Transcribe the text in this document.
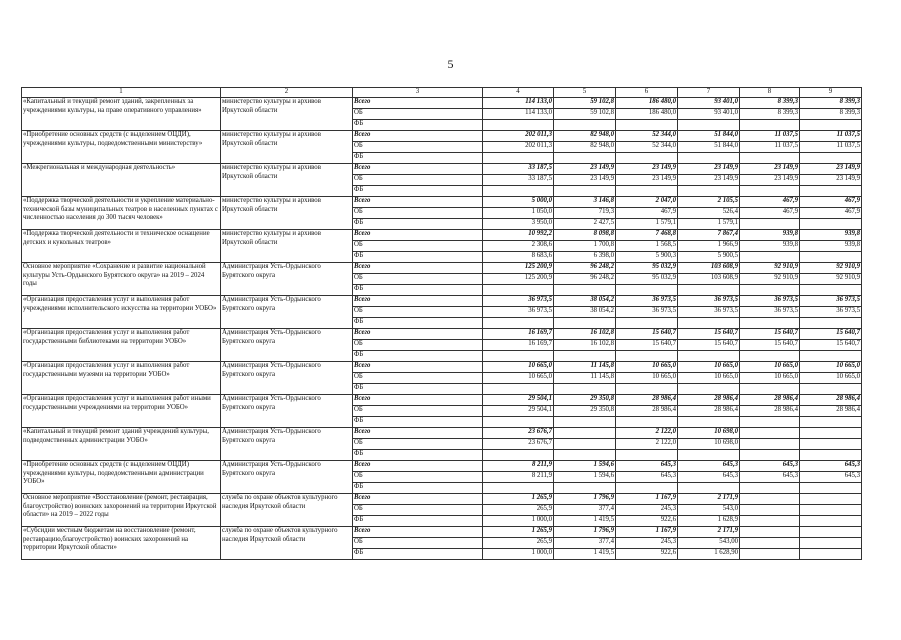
5
1	2	3	4	5	6	7	8	9
«Капитальный и текущий ремонт зданий, закрепленных за учреждениями культуры, на праве оперативного управления»	министерство культуры и архивов Иркутской области	Всего	114 133,0	59 102,8	186 480,0	93 401,0	8 399,3	8 399,3
		ОБ	114 133,0	59 102,8	186 480,0	93 401,0	8 399,3	8 399,3
		ФБ						
«Приобретение основных средств (с выделением ОЦДИ), учреждениями культуры, подведомственными министерству»	министерство культуры и архивов Иркутской области	Всего	202 011,3	82 948,0	52 344,0	51 844,0	11 037,5	11 037,5
		ОБ	202 011,3	82 948,0	52 344,0	51 844,0	11 037,5	11 037,5
		ФБ						
«Межрегиональная и международная деятельность»	министерство культуры и архивов Иркутской области	Всего	33 187,5	23 149,9	23 149,9	23 149,9	23 149,9	23 149,9
		ОБ	33 187,5	23 149,9	23 149,9	23 149,9	23 149,9	23 149,9
		ФБ						
«Поддержка творческой деятельности и укрепление материально-технической базы муниципальных театров в населенных пунктах с численностью населения до 300 тысяч человек»	министерство культуры и архивов Иркутской области	Всего	5 000,0	3 146,8	2 047,0	2 105,5	467,9	467,9
		ОБ	1 050,0	719,3	467,9	526,4	467,9	467,9
		ФБ	3 950,0	2 427,5	1 579,1	1 579,1		
«Поддержка творческой деятельности и техническое оснащение детских и кукольных театров»	министерство культуры и архивов Иркутской области	Всего	10 992,2	8 098,8	7 468,8	7 867,4	939,8	939,8
		ОБ	2 308,6	1 700,8	1 568,5	1 966,9	939,8	939,8
		ФБ	8 683,6	6 398,0	5 900,3	5 900,5		
Основное мероприятие «Сохранение и развитие национальной культуры Усть-Ордынского Бурятского округа» на 2019 – 2024 годы	Администрация Усть-Ордынского Бурятского округа	Всего	125 200,9	96 248,2	95 032,9	103 608,9	92 910,9	92 910,9
		ОБ	125 200,9	96 248,2	95 032,9	103 608,9	92 910,9	92 910,9
		ФБ						
«Организация предоставления услуг и выполнения работ учреждениями исполнительского искусства на территории УОБО»	Администрация Усть-Ордынского Бурятского округа	Всего	36 973,5	38 054,2	36 973,5	36 973,5	36 973,5	36 973,5
		ОБ	36 973,5	38 054,2	36 973,5	36 973,5	36 973,5	36 973,5
		ФБ						
«Организация предоставления услуг и выполнения работ государственными библиотеками на территории УОБО»	Администрация Усть-Ордынского Бурятского округа	Всего	16 169,7	16 102,8	15 640,7	15 640,7	15 640,7	15 640,7
		ОБ	16 169,7	16 102,8	15 640,7	15 640,7	15 640,7	15 640,7
		ФБ						
«Организация предоставления услуг и выполнения работ государственными музеями на территории УОБО»	Администрация Усть-Ордынского Бурятского округа	Всего	10 665,0	11 145,8	10 665,0	10 665,0	10 665,0	10 665,0
		ОБ	10 665,0	11 145,8	10 665,0	10 665,0	10 665,0	10 665,0
		ФБ						
«Организация предоставления услуг и выполнения работ иными государственными учреждениями на территории УОБО»	Администрация Усть-Ордынского Бурятского округа	Всего	29 504,1	29 350,8	28 986,4	28 986,4	28 986,4	28 986,4
		ОБ	29 504,1	29 350,8	28 986,4	28 986,4	28 986,4	28 986,4
		ФБ						
«Капитальный и текущий ремонт зданий учреждений культуры, подведомственных администрации УОБО»	Администрация Усть-Ордынского Бурятского округа	Всего	23 676,7		2 122,0	10 698,0		
		ОБ	23 676,7		2 122,0	10 698,0		
		ФБ						
«Приобретение основных средств (с выделением ОЦДИ) учреждениями культуры, подведомственными администрации УОБО»	Администрация Усть-Ордынского Бурятского округа	Всего	8 211,9	1 594,6	645,3	645,3	645,3	645,3
		ОБ	8 211,9	1 594,6	645,3	645,3	645,3	645,3
		ФБ						
Основное мероприятие «Восстановление (ремонт, реставрация, благоустройство) воинских захоронений на территории Иркутской области» на 2019 – 2022 годы	служба по охране объектов культурного наследия Иркутской области	Всего	1 265,9	1 796,9	1 167,9	2 171,9		
		ОБ	265,9	377,4	245,3	543,0		
		ФБ	1 000,0	1 419,5	922,6	1 628,9		
«Субсидии местным бюджетам на восстановление (ремонт, реставрацию,благоустройство) воинских захоронений на территории Иркутской области»	служба по охране объектов культурного наследия Иркутской области	Всего	1 265,9	1 796,9	1 167,9	2 171,9		
		ОБ	265,9	377,4	245,3	543,00		
		ФБ	1 000,0	1 419,5	922,6	1 628,90		
